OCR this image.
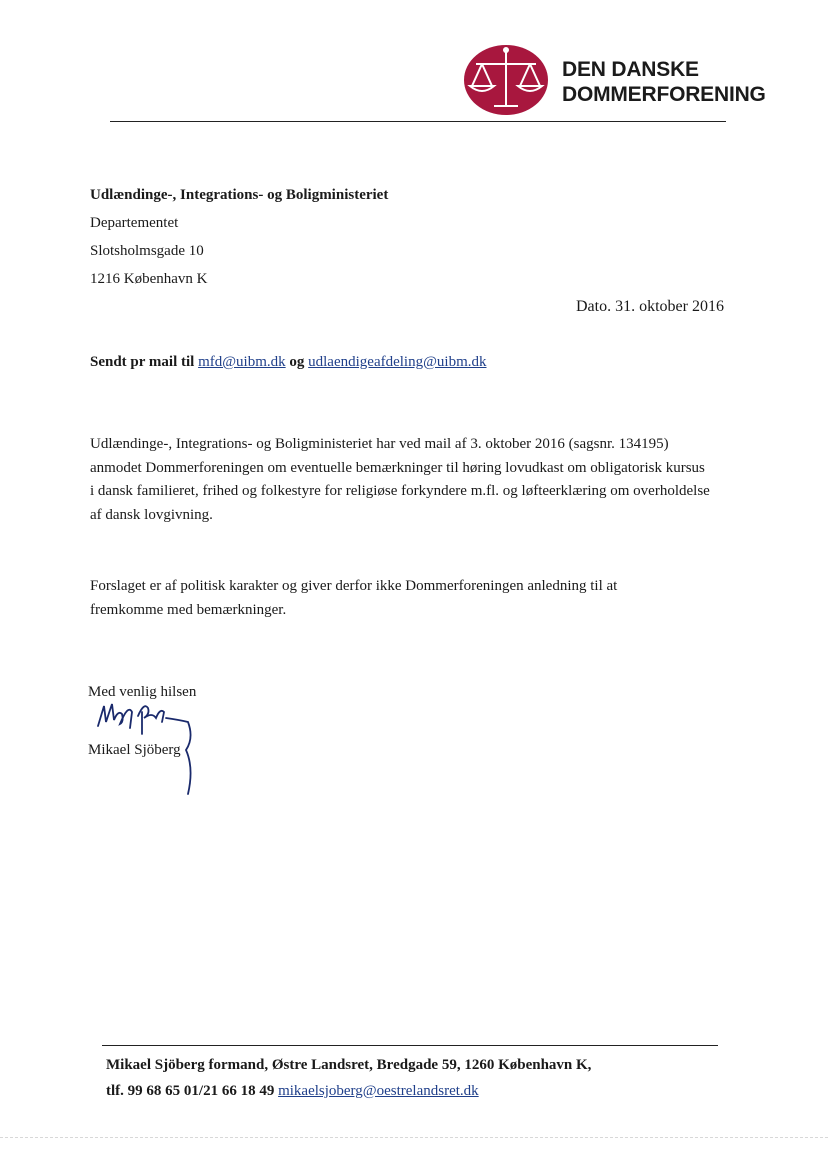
DEN DANSKE
DOMMERFORENING
Udlændinge-, Integrations- og Boligministeriet
Departementet
Slotsholmsgade 10
1216 København K
Dato. 31. oktober 2016
Sendt pr mail til mfd@uibm.dk og udlaendigeafdeling@uibm.dk
Udlændinge-, Integrations- og Boligministeriet har ved mail af 3. oktober 2016 (sagsnr. 134195)
anmodet Dommerforeningen om eventuelle bemærkninger til høring lovudkast om obligatorisk kursus
i dansk familieret, frihed og folkestyre for religiøse forkyndere m.fl. og løfteerklæring om overholdelse
af dansk lovgivning.
Forslaget er af politisk karakter og giver derfor ikke Dommerforeningen anledning til at
fremkomme med bemærkninger.
Med venlig hilsen
Mikael Sjöberg
Mikael Sjöberg formand, Østre Landsret, Bredgade 59, 1260 København K,
tlf. 99 68 65 01/21 66 18 49 mikaelsjoberg@oestrelandsret.dk
